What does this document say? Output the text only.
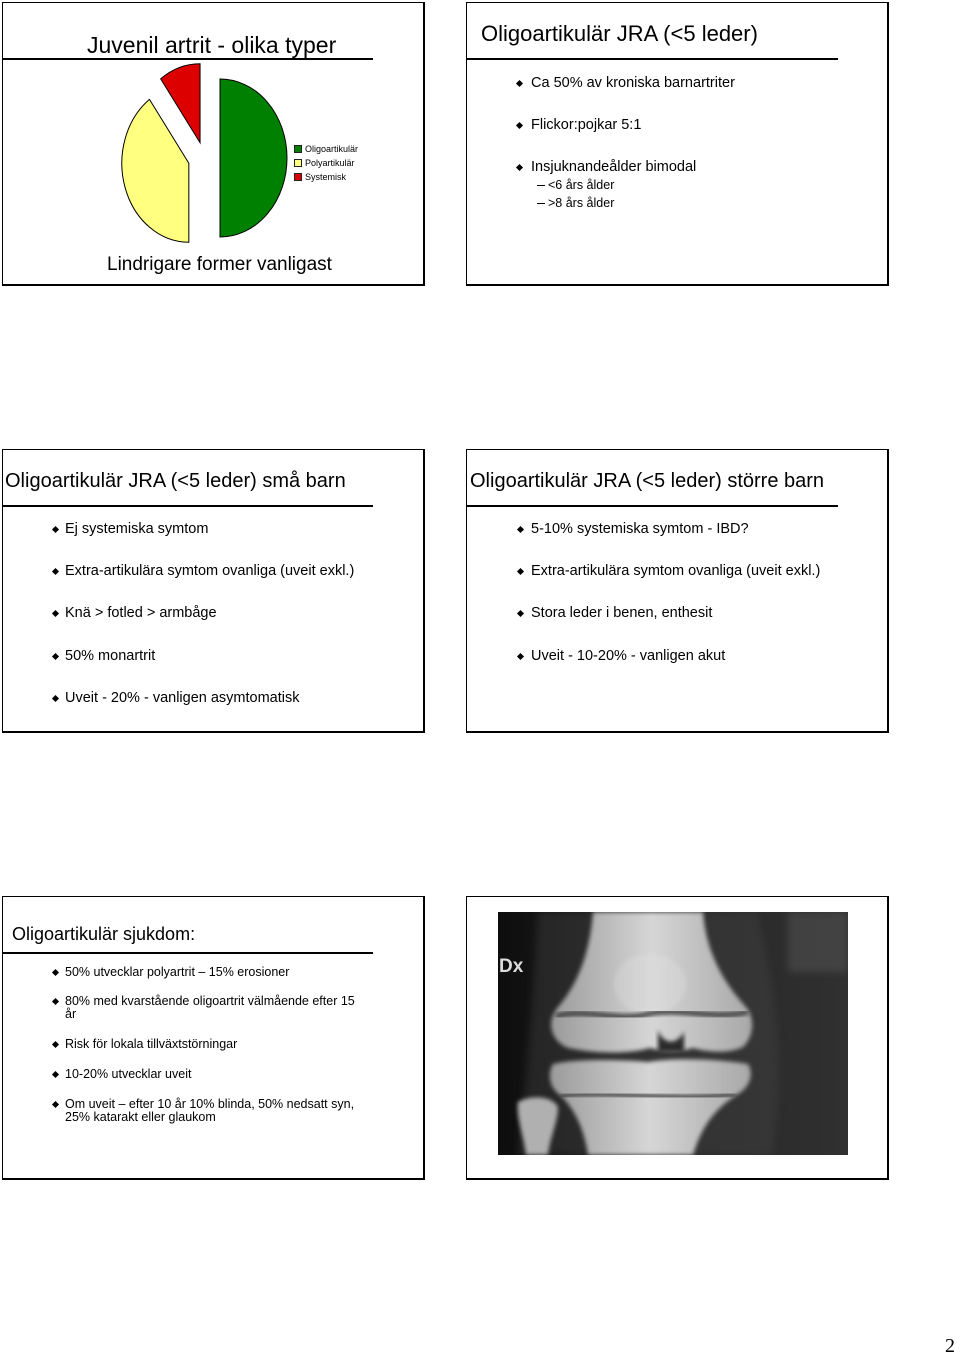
Juvenil artrit - olika typer
Oligoartikulär
Polyartikulär
Systemisk
Lindrigare former vanligast
Oligoartikulär JRA (<5 leder)
Ca 50% av kroniska barnartriter
Flickor:pojkar 5:1
Insjuknandeålder bimodal
<6 års ålder
>8 års ålder
Oligoartikulär JRA (<5 leder) små barn
Ej systemiska symtom
Extra-artikulära symtom ovanliga (uveit exkl.)
Knä > fotled > armbåge
50% monartrit
Uveit - 20% - vanligen asymtomatisk
Oligoartikulär JRA (<5 leder) större barn
5-10% systemiska symtom - IBD?
Extra-artikulära symtom ovanliga (uveit exkl.)
Stora leder i benen, enthesit
Uveit - 10-20% - vanligen akut
Oligoartikulär sjukdom:
50% utvecklar polyartrit – 15% erosioner
80% med kvarstående oligoartrit välmående efter 15 år
Risk för lokala tillväxtstörningar
10-20% utvecklar uveit
Om uveit – efter 10 år 10% blinda, 50% nedsatt syn, 25% katarakt eller glaukom
Dx
2
